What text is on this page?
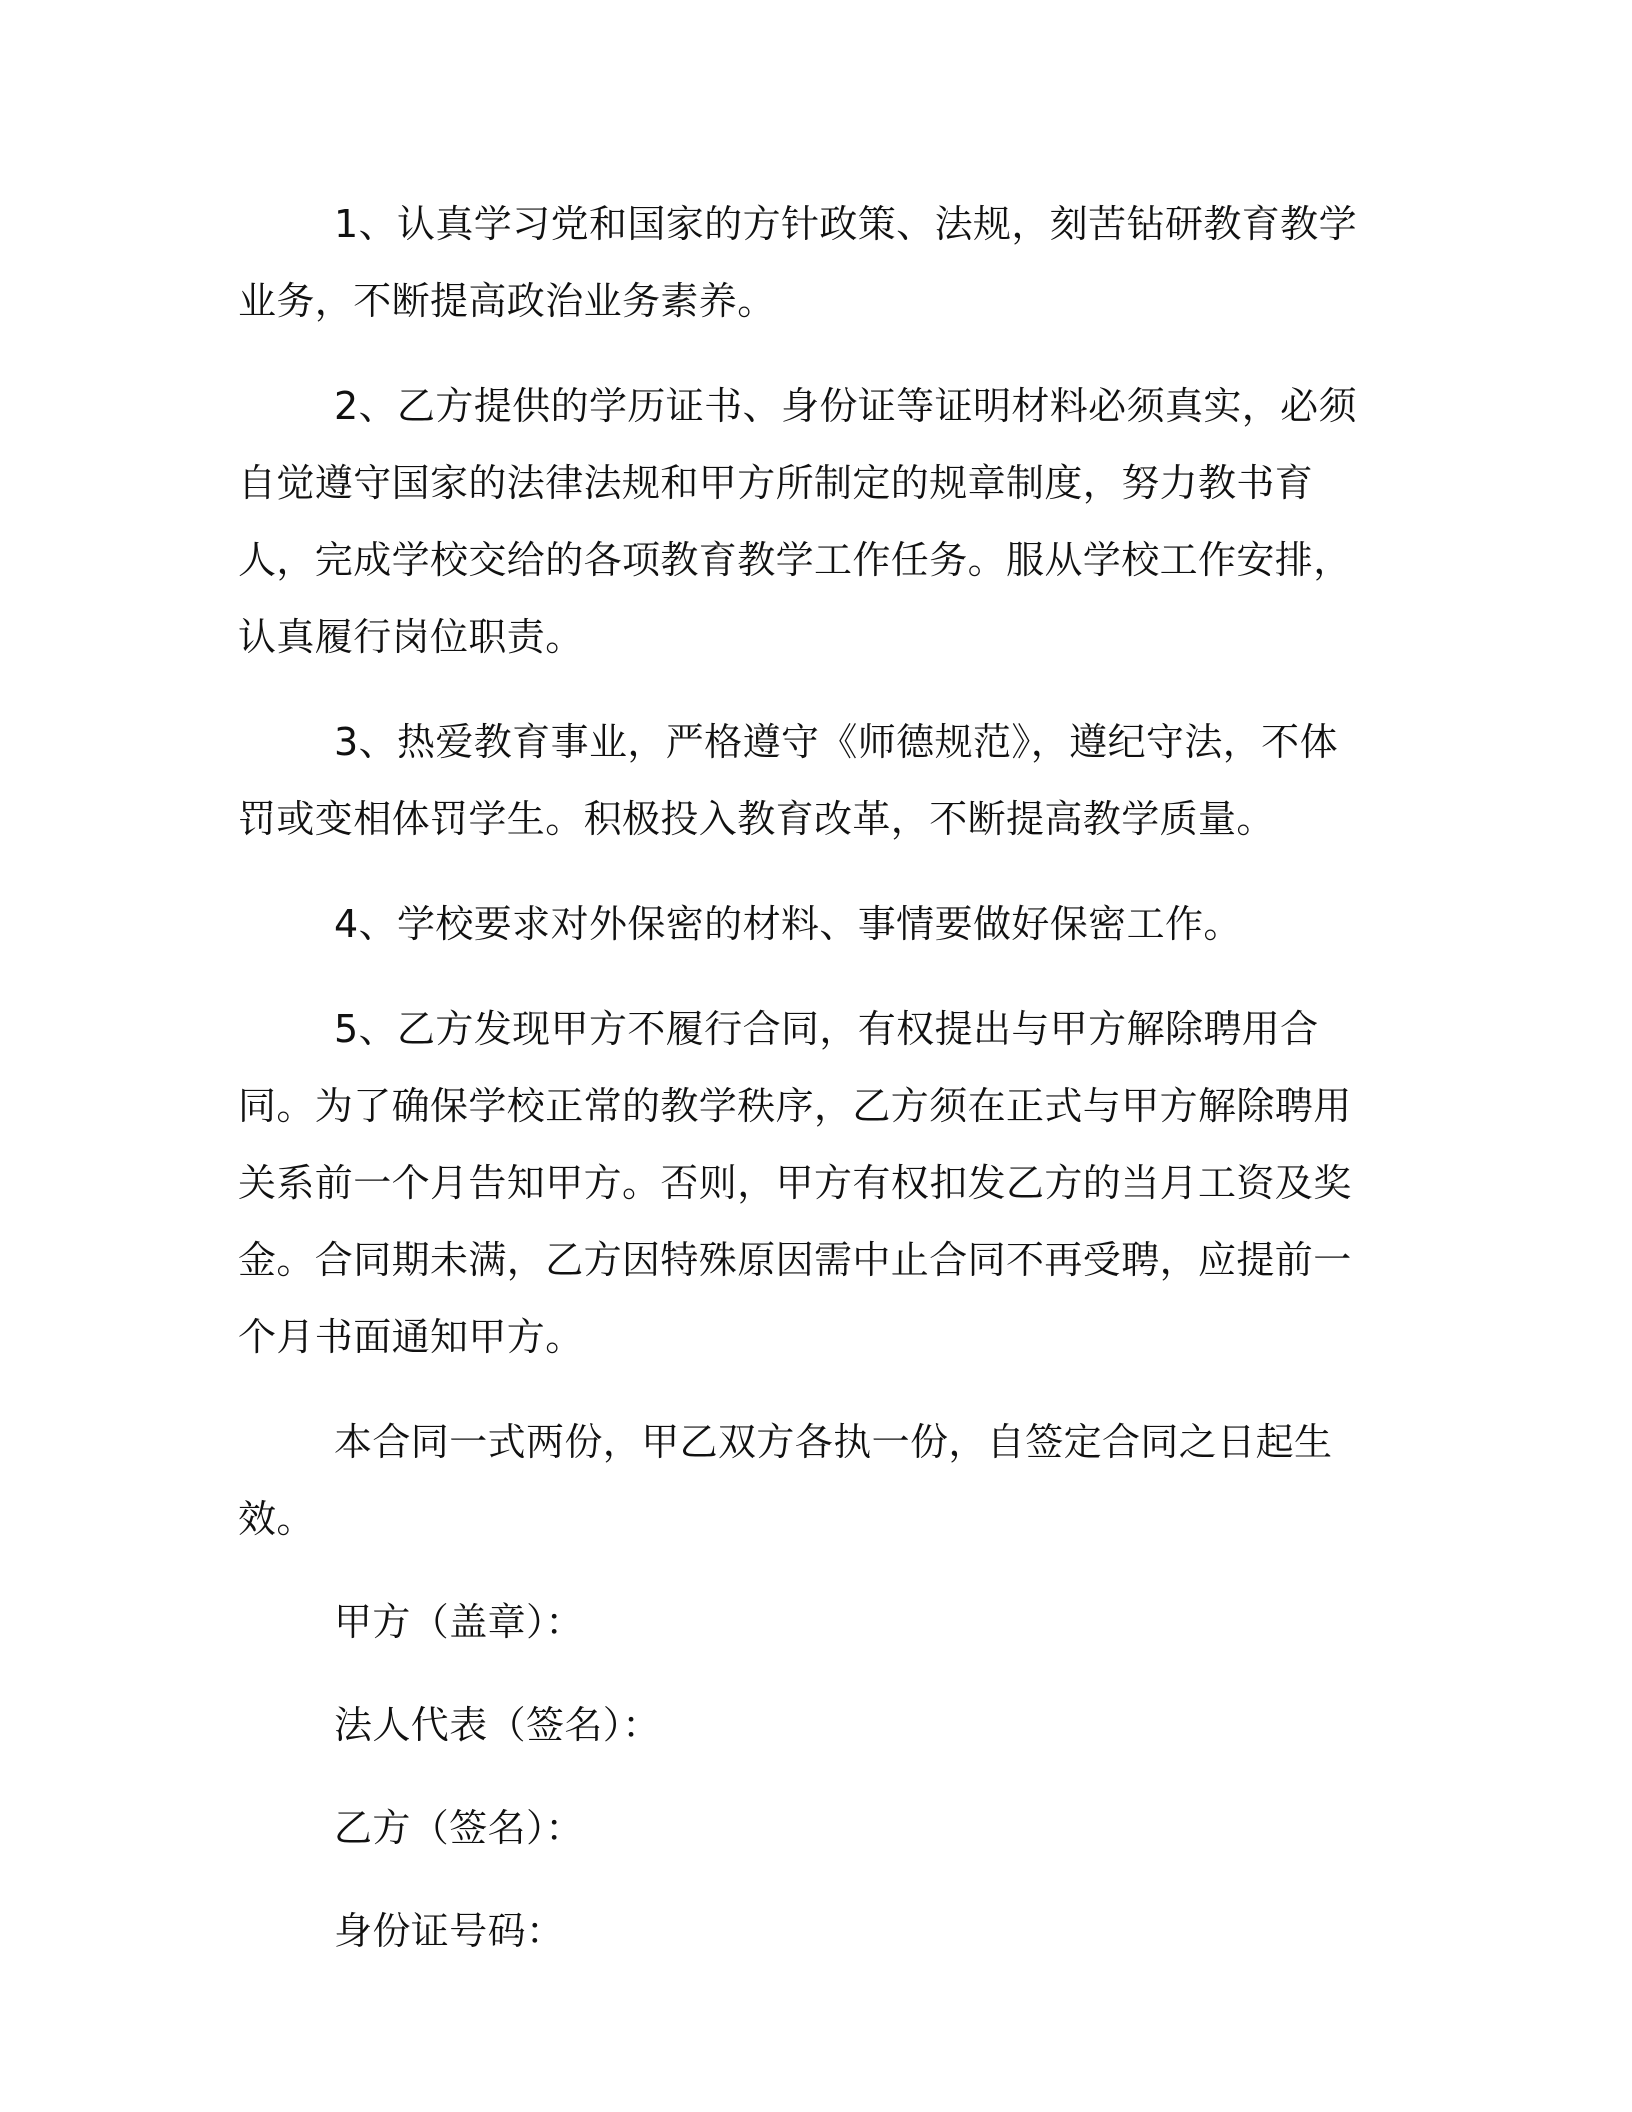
1、认真学习党和国家的方针政策、法规，刻苦钻研教育教学业务，不断提高政治业务素养。

2、乙方提供的学历证书、身份证等证明材料必须真实，必须自觉遵守国家的法律法规和甲方所制定的规章制度，努力教书育人，完成学校交给的各项教育教学工作任务。服从学校工作安排，认真履行岗位职责。

3、热爱教育事业，严格遵守《师德规范》，遵纪守法，不体罚或变相体罚学生。积极投入教育改革，不断提高教学质量。

4、学校要求对外保密的材料、事情要做好保密工作。

5、乙方发现甲方不履行合同，有权提出与甲方解除聘用合同。为了确保学校正常的教学秩序，乙方须在正式与甲方解除聘用关系前一个月告知甲方。否则，甲方有权扣发乙方的当月工资及奖金。合同期未满，乙方因特殊原因需中止合同不再受聘，应提前一个月书面通知甲方。

本合同一式两份，甲乙双方各执一份，自签定合同之日起生效。

甲方（盖章）：

法人代表（签名）：

乙方（签名）：

身份证号码：
